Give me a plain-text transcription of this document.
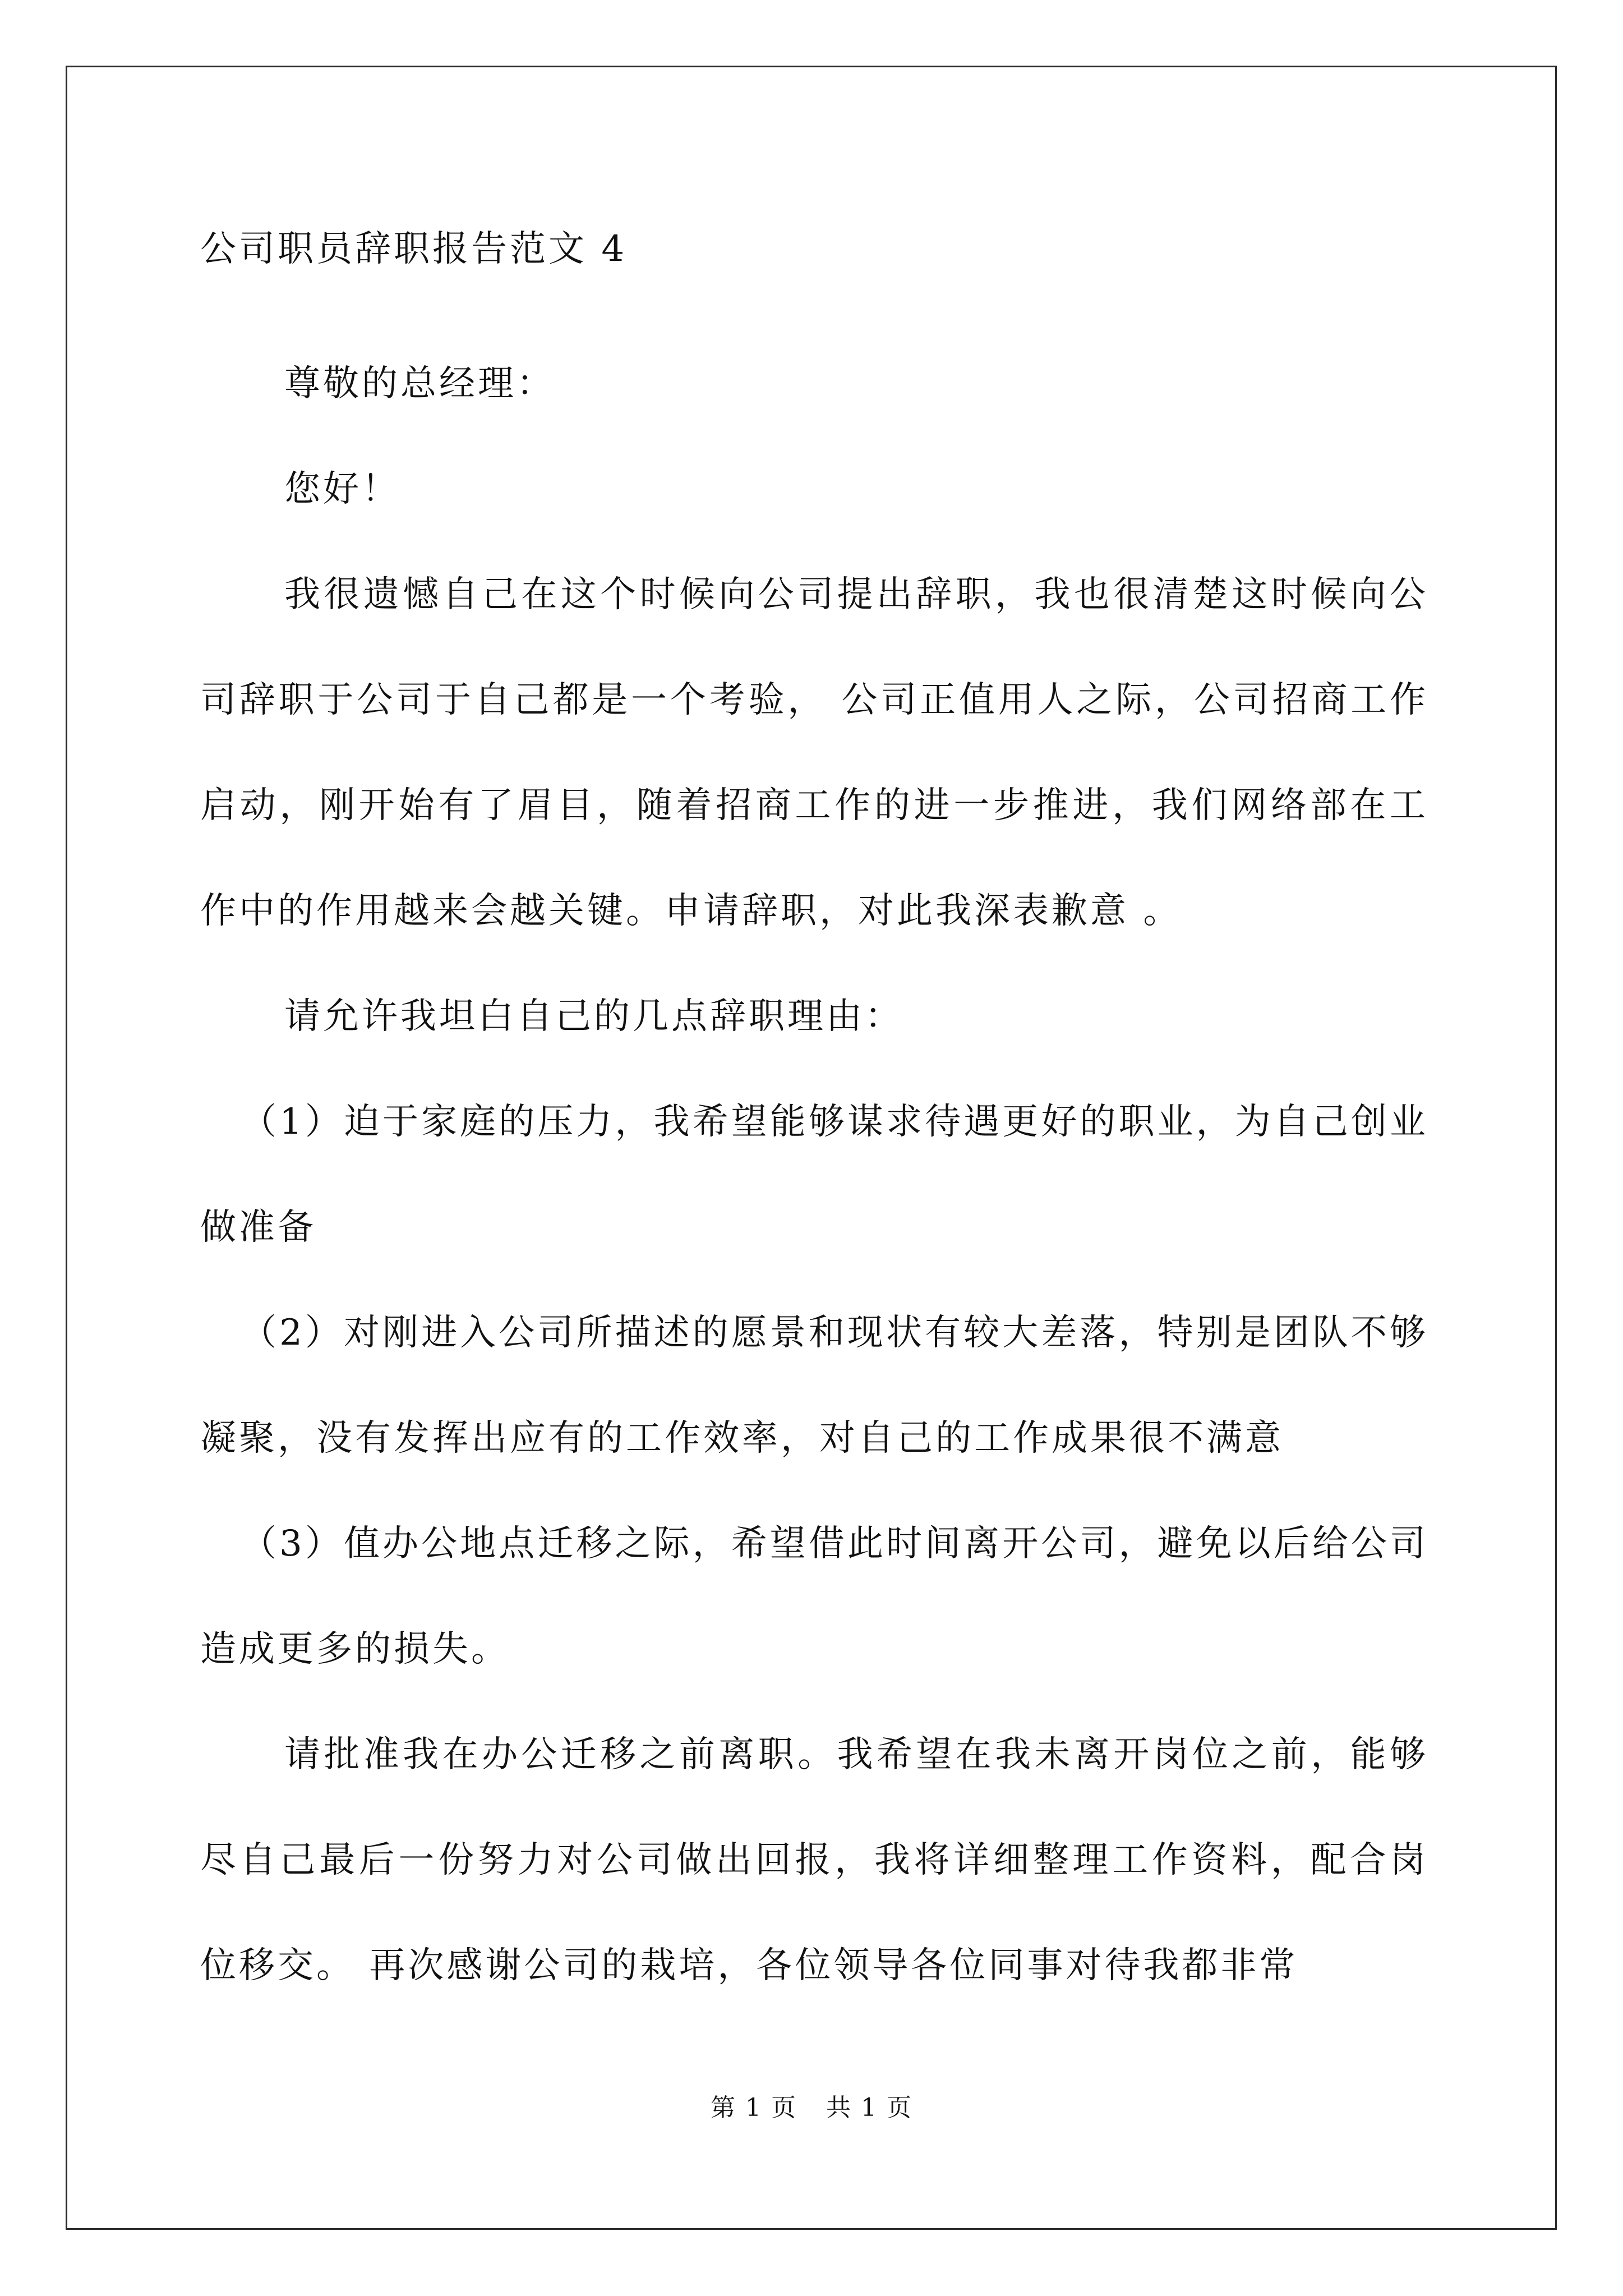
公司职员辞职报告范文 4

尊敬的总经理：

您好！

我很遗憾自己在这个时候向公司提出辞职，我也很清楚这时候向公司辞职于公司于自己都是一个考验， 公司正值用人之际，公司招商工作启动，刚开始有了眉目，随着招商工作的进一步推进，我们网络部在工作中的作用越来会越关键。申请辞职，对此我深表歉意 。

请允许我坦白自己的几点辞职理由：

（1）迫于家庭的压力，我希望能够谋求待遇更好的职业，为自己创业做准备

（2）对刚进入公司所描述的愿景和现状有较大差落，特别是团队不够凝聚，没有发挥出应有的工作效率，对自己的工作成果很不满意

（3）值办公地点迁移之际，希望借此时间离开公司，避免以后给公司造成更多的损失。

请批准我在办公迁移之前离职。我希望在我未离开岗位之前，能够尽自己最后一份努力对公司做出回报，我将详细整理工作资料，配合岗位移交。 再次感谢公司的栽培，各位领导各位同事对待我都非常

第 1 页 共 1 页
